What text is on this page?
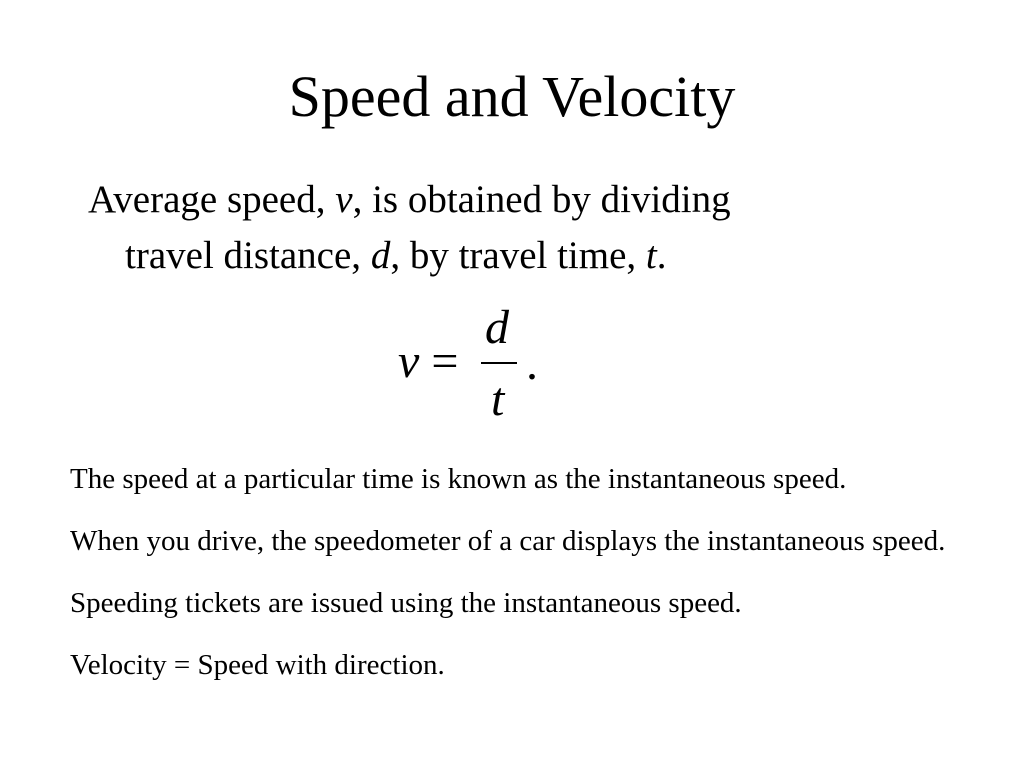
Speed and Velocity
Average speed, v, is obtained by dividing
travel distance, d, by travel time, t.
v =
d
t
.

The speed at a particular time is known as the instantaneous speed.

When you drive, the speedometer of a car displays the instantaneous speed.

Speeding tickets are issued using the instantaneous speed.

Velocity = Speed with direction.
